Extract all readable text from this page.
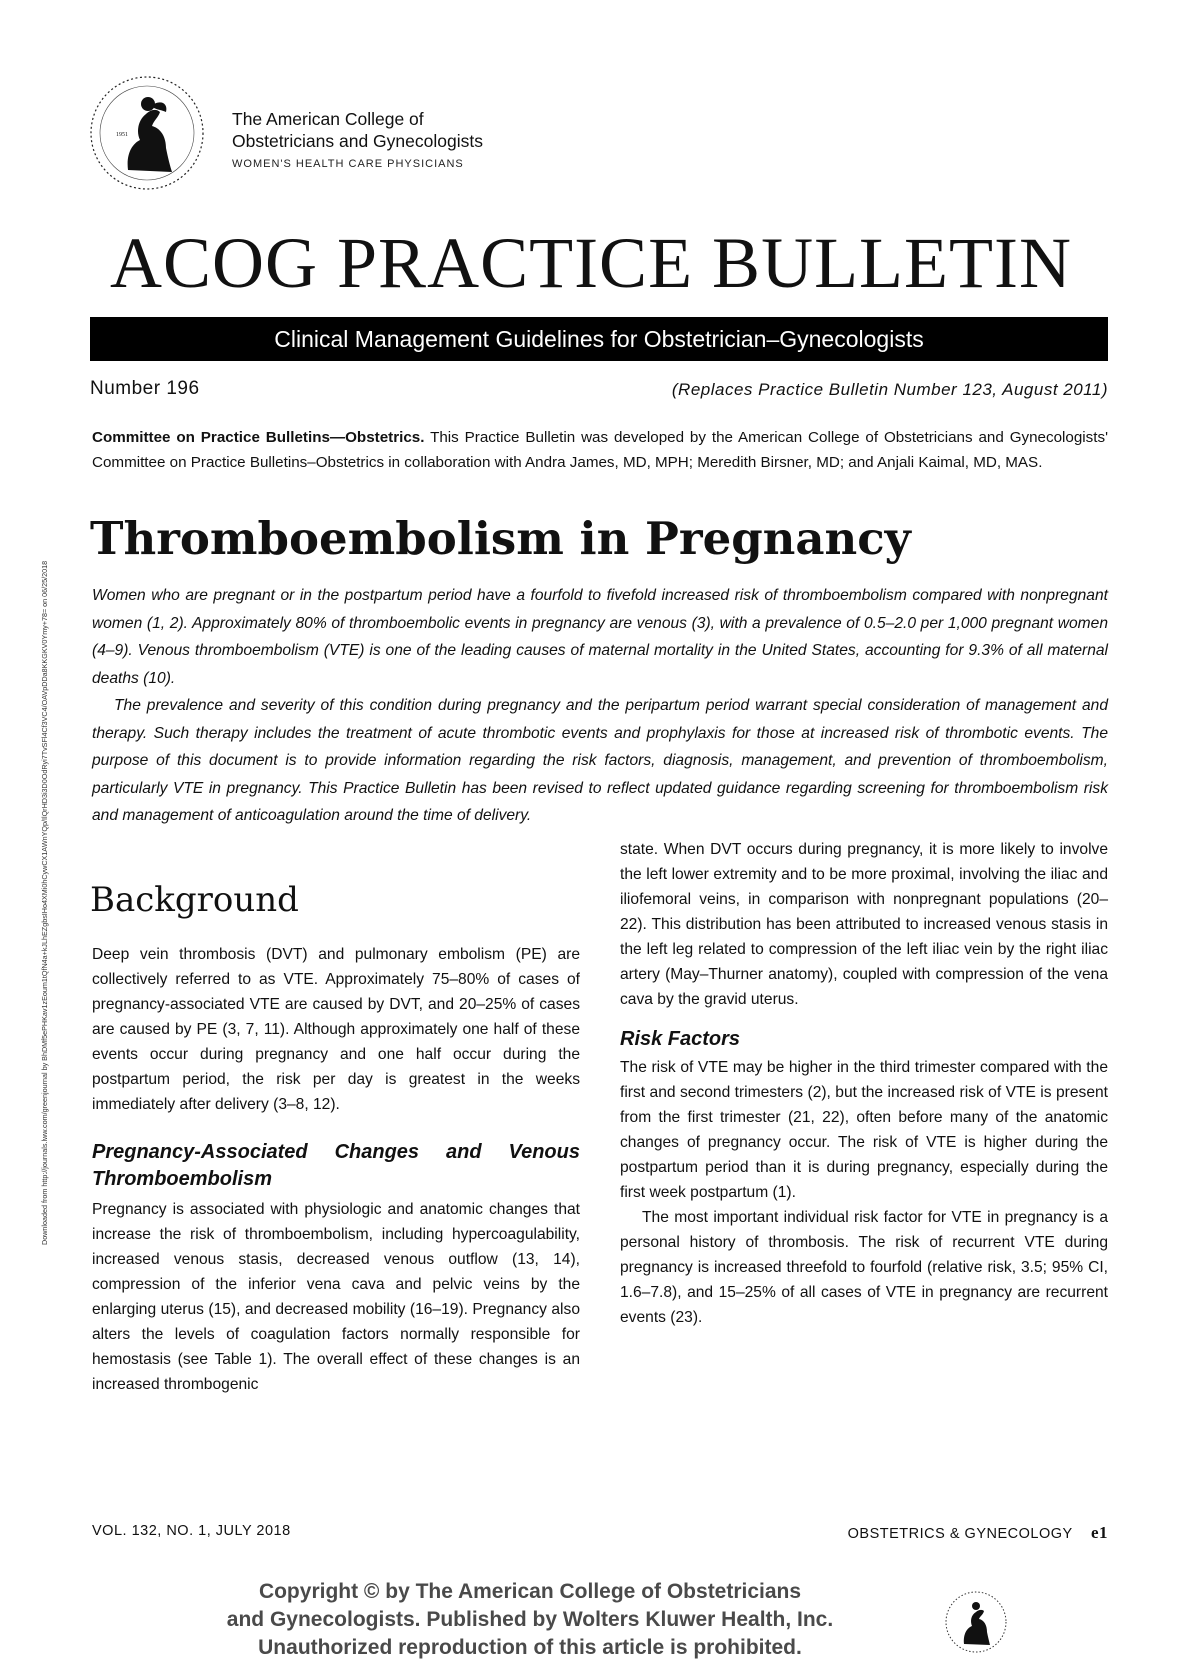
1951
The American College of
Obstetricians and Gynecologists
WOMEN'S HEALTH CARE PHYSICIANS
ACOG PRACTICE BULLETIN
Clinical Management Guidelines for Obstetrician–Gynecologists
Number 196	(Replaces Practice Bulletin Number 123, August 2011)
Committee on Practice Bulletins—Obstetrics. This Practice Bulletin was developed by the American College of Obstetricians and Gynecologists' Committee on Practice Bulletins–Obstetrics in collaboration with Andra James, MD, MPH; Meredith Birsner, MD; and Anjali Kaimal, MD, MAS.
Downloaded from http://journals.lww.com/greenjournal by BhDMf5ePHKav1zEoum1tQfN4a+kJLhEZgbsIHo4XMi0hCywCX1AWnYQp/IlQrHD3i3D0OdRyi7TvSFl4Cf3VC4/OAVpDDa8KKGKV0Ymy+78= on 06/25/2018
Thromboembolism in Pregnancy

Women who are pregnant or in the postpartum period have a fourfold to fivefold increased risk of thromboembolism compared with nonpregnant women (1, 2). Approximately 80% of thromboembolic events in pregnancy are venous (3), with a prevalence of 0.5–2.0 per 1,000 pregnant women (4–9). Venous thromboembolism (VTE) is one of the leading causes of maternal mortality in the United States, accounting for 9.3% of all maternal deaths (10).

The prevalence and severity of this condition during pregnancy and the peripartum period warrant special consideration of management and therapy. Such therapy includes the treatment of acute thrombotic events and prophylaxis for those at increased risk of thrombotic events. The purpose of this document is to provide information regarding the risk factors, diagnosis, management, and prevention of thromboembolism, particularly VTE in pregnancy. This Practice Bulletin has been revised to reflect updated guidance regarding screening for thromboembolism risk and management of anticoagulation around the time of delivery.

Background

Deep vein thrombosis (DVT) and pulmonary embolism (PE) are collectively referred to as VTE. Approximately 75–80% of cases of pregnancy-associated VTE are caused by DVT, and 20–25% of cases are caused by PE (3, 7, 11). Although approximately one half of these events occur during pregnancy and one half occur during the postpartum period, the risk per day is greatest in the weeks immediately after delivery (3–8, 12).

Pregnancy-Associated Changes and Venous Thromboembolism

Pregnancy is associated with physiologic and anatomic changes that increase the risk of thromboembolism, including hypercoagulability, increased venous stasis, decreased venous outflow (13, 14), compression of the inferior vena cava and pelvic veins by the enlarging uterus (15), and decreased mobility (16–19). Pregnancy also alters the levels of coagulation factors normally responsible for hemostasis (see Table 1). The overall effect of these changes is an increased thrombogenic

state. When DVT occurs during pregnancy, it is more likely to involve the left lower extremity and to be more proximal, involving the iliac and iliofemoral veins, in comparison with nonpregnant populations (20–22). This distribution has been attributed to increased venous stasis in the left leg related to compression of the left iliac vein by the right iliac artery (May–Thurner anatomy), coupled with compression of the vena cava by the gravid uterus.

Risk Factors

The risk of VTE may be higher in the third trimester compared with the first and second trimesters (2), but the increased risk of VTE is present from the first trimester (21, 22), often before many of the anatomic changes of pregnancy occur. The risk of VTE is higher during the postpartum period than it is during pregnancy, especially during the first week postpartum (1).

The most important individual risk factor for VTE in pregnancy is a personal history of thrombosis. The risk of recurrent VTE during pregnancy is increased threefold to fourfold (relative risk, 3.5; 95% CI, 1.6–7.8), and 15–25% of all cases of VTE in pregnancy are recurrent events (23).

VOL. 132, NO. 1, JULY 2018	OBSTETRICS & GYNECOLOGY e1
Copyright © by The American College of Obstetricians
and Gynecologists. Published by Wolters Kluwer Health, Inc.
Unauthorized reproduction of this article is prohibited.
